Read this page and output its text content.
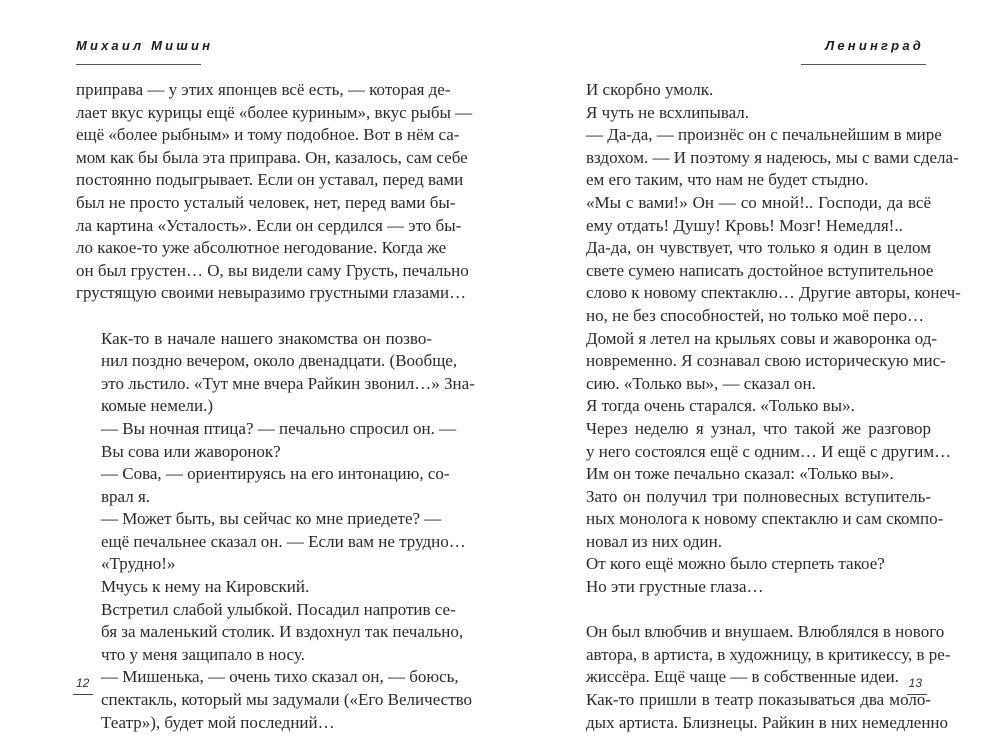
Михаил Мишин

приправа — у этих японцев всё есть, — которая де-
лает вкус курицы ещё «более куриным», вкус рыбы —
ещё «более рыбным» и тому подобное. Вот в нём са-
мом как бы была эта приправа. Он, казалось, сам себе
постоянно подыгрывает. Если он уставал, перед вами
был не просто усталый человек, нет, перед вами бы-
ла картина «Усталость». Если он сердился — это бы-
ло какое-то уже абсолютное негодование. Когда же
он был грустен… О, вы видели саму Грусть, печально
грустящую своими невыразимо грустными глазами…

Как-то в начале нашего знакомства он позво-
нил поздно вечером, около двенадцати. (Вообще,
это льстило. «Тут мне вчера Райкин звонил…» Зна-
комые немели.)

— Вы ночная птица? — печально спросил он. —
Вы сова или жаворонок?

— Сова, — ориентируясь на его интонацию, со-
врал я.

— Может быть, вы сейчас ко мне приедете? —
ещё печальнее сказал он. — Если вам не трудно…

«Трудно!»

Мчусь к нему на Кировский.

Встретил слабой улыбкой. Посадил напротив се-
бя за маленький столик. И вздохнул так печально,
что у меня защипало в носу.

— Мишенька, — очень тихо сказал он, — боюсь,
спектакль, который мы задумали («Его Величество
Театр»), будет мой последний…

12
Ленинград

И скорбно умолк.

Я чуть не всхлипывал.

— Да-да, — произнёс он с печальнейшим в мире
вздохом. — И поэтому я надеюсь, мы с вами сдела-
ем его таким, что нам не будет стыдно.

«Мы с вами!» Он — со мной!.. Господи, да всё
ему отдать! Душу! Кровь! Мозг! Немедля!..

Да-да, он чувствует, что только я один в целом
свете сумею написать достойное вступительное
слово к новому спектаклю… Другие авторы, конеч-
но, не без способностей, но только моё перо…

Домой я летел на крыльях совы и жаворонка од-
новременно. Я сознавал свою историческую мис-
сию. «Только вы», — сказал он.

Я тогда очень старался. «Только вы».

Через неделю я узнал, что такой же разговор
у него состоялся ещё с одним… И ещё с другим…
Им он тоже печально сказал: «Только вы».

Зато он получил три полновесных вступитель-
ных монолога к новому спектаклю и сам скомпо-
новал из них один.

От кого ещё можно было стерпеть такое?

Но эти грустные глаза…

Он был влюбчив и внушаем. Влюблялся в нового
автора, в артиста, в художницу, в критикессу, в ре-
жиссёра. Ещё чаще — в собственные идеи.

Как-то пришли в театр показываться два моло-
дых артиста. Близнецы. Райкин в них немедленно

13
